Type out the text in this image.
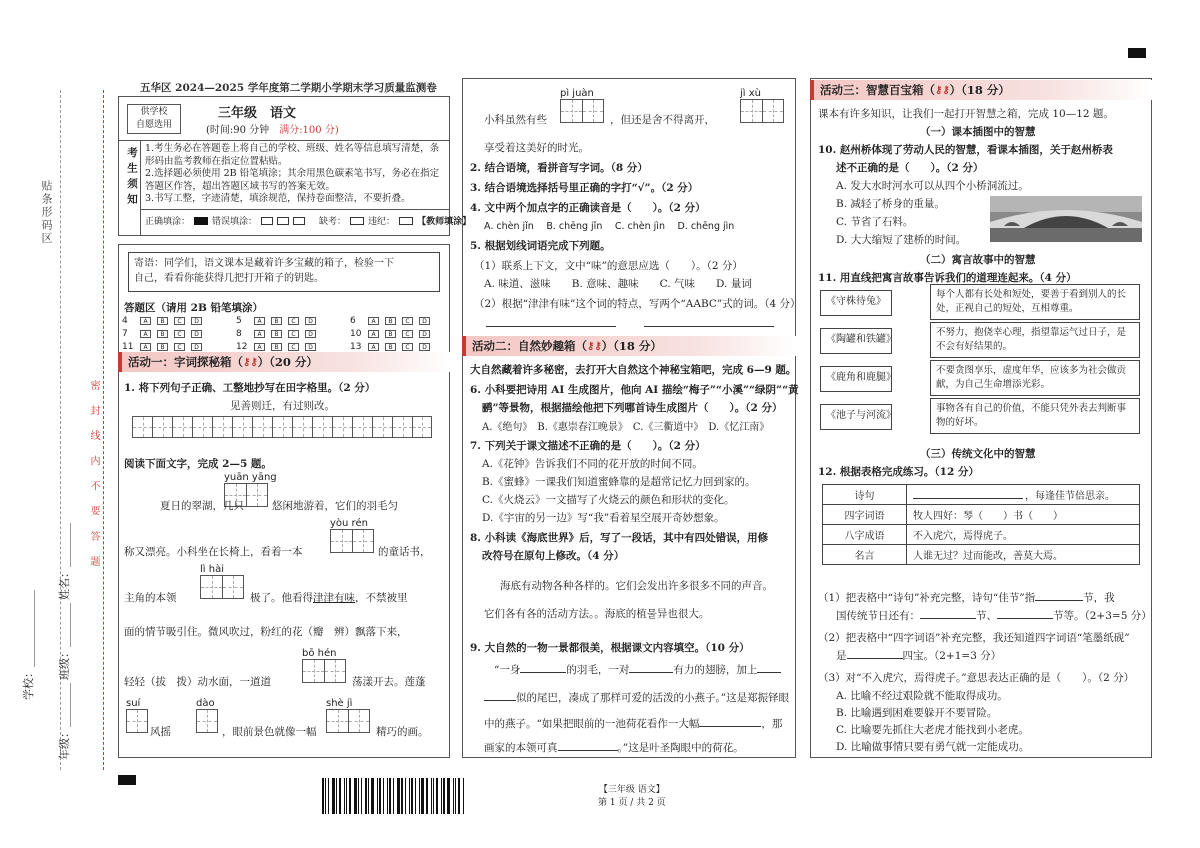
贴条形码区
密 封 线 内 不 要 答 题
学校：______________
年级：________
班级：________
姓名：________
五华区 2024—2025 学年度第二学期小学期末学习质量监测卷
供学校
自愿选用
三年级　语文
(时间:90 分钟　满分:100 分)
考生须知 1.考生务必在答题卷上将自己的学校、班级、姓名等信息填写清楚，条形码由监考教师在指定位置粘贴。
2.选择题必须使用 2B 铅笔填涂；其余用黑色碳素笔书写，务必在指定答题区作答，超出答题区域书写的答案无效。
3.书写工整，字迹清楚，填涂规范，保持卷面整洁，不要折叠。
正确填涂： 错误填涂：	缺考： 违纪： 【教师填涂】
寄语：同学们，语文课本是藏着许多宝藏的箱子，检验一下
自己，看看你能获得几把打开箱子的钥匙。
答题区（请用 2B 铅笔填涂）
4	A	B	C	D	5	A	B	C	D	6	A	B	C	D
7	A	B	C	D	8	A	B	C	D	10	A	B	C	D
11	A	B	C	D	12	A	B	C	D	13	A	B	C	D
活动一：字词探秘箱（ ⚷⚷ ）（20 分）
1. 将下列句子正确、工整地抄写在田字格里。（2 分）
见善则迁，有过则改。
阅读下面文字，完成 2—5 题。
yuān yāng
夏日的翠湖，几只	悠闲地游着，它们的羽毛匀
yòu rén
称又漂亮。小科坐在长椅上，看着一本	的童话书，
lì hài
主角的本领	极了。他看得津津有味，不禁被里
面的情节吸引住。微风吹过，粉红的花（瓣　辨）飘落下来，
bō hén
轻轻（拔　拨）动水面，一道道	荡漾开去。莲蓬
suí
风摇
dào
，眼前景色就像一幅
shè jì
精巧的画。
pì juàn
小科虽然有些	，但还是舍不得离开，
jì xù
享受着这美好的时光。
2. 结合语境，看拼音写字词。（8 分）
3. 结合语境选择括号里正确的字打“√”。（2 分）
4. 文中两个加点字的正确读音是（　　）。（2 分）
A. chèn jǐn　 B. chēng jǐn　 C. chèn jìn　 D. chēng jìn
5. 根据划线词语完成下列题。
（1）联系上下文，文中“味”的意思应选（　　）。（2 分）
A. 味道、滋味　　B. 意味、趣味　　C. 气味　　D. 量词
（2）根据“津津有味”这个词的特点，写两个“AABC”式的词。（4 分）
活动二：自然妙趣箱（ ⚷⚷ ）（18 分）
大自然藏着许多秘密，去打开大自然这个神秘宝箱吧，完成 6—9 题。
6. 小科要把诗用 AI 生成图片，他向 AI 描绘“梅子”“小溪”“绿阴”“黄
鹂”等景物，根据描绘他把下列哪首诗生成图片（　　）。（2 分）
A.《绝句》　B.《惠崇春江晚景》　C.《三衢道中》　D.《忆江南》
7. 下列关于课文描述不正确的是（　　）。（2 分）
A.《花钟》告诉我们不同的花开放的时间不同。
B.《蜜蜂》一课我们知道蜜蜂靠的是超常记忆力回到家的。
C.《火烧云》一文描写了火烧云的颜色和形状的变化。
D.《宇宙的另一边》写“我”看着星空展开奇妙想象。
8. 小科读《海底世界》后，写了一段话，其中有四处错误，用修
改符号在原句上修改。（4 分）
海底有动物各种各样的。它们会发出许多很多不同的声音。
它们各有各的活动方法。。海底的植물异也很大。
9. 大自然的一物一景都很美，根据课文内容填空。（10 分）
“一身	的羽毛，一对	有力的翅膀，加上
似的尾巴，凑成了那样可爱的活泼的小燕子。”这是郑振铎眼
中的燕子。“如果把眼前的一池荷花看作一大幅	，那
画家的本领可真	。”这是叶圣陶眼中的荷花。
活动三：智慧百宝箱（ ⚷⚷ ）（18 分）
课本有许多知识，让我们一起打开智慧之箱，完成 10—12 题。
（一）课本插图中的智慧
10. 赵州桥体现了劳动人民的智慧，看课本插图，关于赵州桥表
述不正确的是（　　）。（2 分）
A. 发大水时河水可以从四个小桥洞流过。
B. 减轻了桥身的重量。
C. 节省了石料。
D. 大大缩短了建桥的时间。
（二）寓言故事中的智慧
11. 用直线把寓言故事告诉我们的道理连起来。（4 分）
《守株待兔》
《陶罐和铁罐》
《鹿角和鹿腿》
《池子与河流》
每个人都有长处和短处，要善于看到别人的长处，正视自己的短处，互相尊重。
不努力，抱侥幸心理，指望靠运气过日子，是不会有好结果的。
不要贪图享乐，虚度年华，应该多为社会做贡献，为自己生命增添光彩。
事物各有自己的价值，不能只凭外表去判断事物的好坏。
（三）传统文化中的智慧
12. 根据表格完成练习。（12 分）
诗句	，每逢佳节倍思亲。
四字词语	牧人四好：琴（　　）书（　　）
八字成语	不入虎穴，焉得虎子。
名言	人谁无过？过而能改，善莫大焉。
（1）把表格中“诗句”补充完整，诗句“佳节”指	节，我
国传统节日还有：	节、	节等。（2+3=5 分）
（2）把表格中“四字词语”补充完整，我还知道四字词语“笔墨纸砚”
是	四宝。（2+1=3 分）
（3）对“不入虎穴，焉得虎子。”意思表达正确的是（　　）。（2 分）
A. 比喻不经过艰险就不能取得成功。
B. 比喻遇到困难要躲开不要冒险。
C. 比喻要先抓住大老虎才能找到小老虎。
D. 比喻做事情只要有勇气就一定能成功。
【三年级 语文】
第 1 页 / 共 2 页
